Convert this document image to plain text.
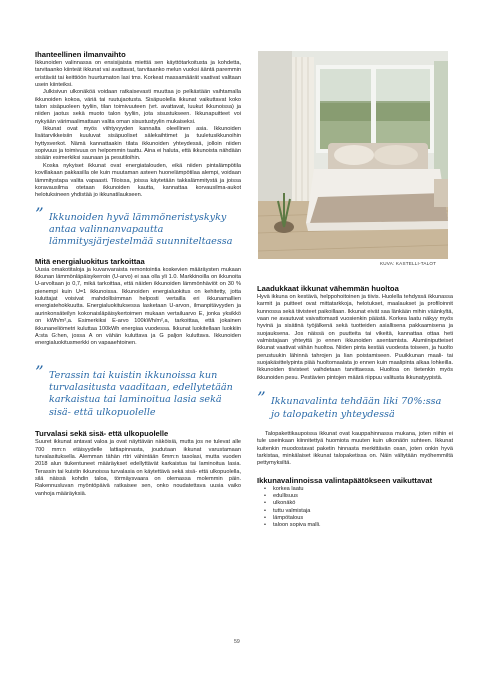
Ihanteellinen ilmanvaihto

Ikkunoiden valinnassa on ensisijaista miettiä sen käyttötarkoitusta ja kohdetta, tarvitaanko kiinteät ikkunat vai avattavat, tarvitaanko melun vuoksi ääntä paremmin eristävät tai keittiöön huurtumaton lasi tms. Korkeat massamäärät vaativat valitaan usein kiinteiksi.

Julkisivun ulkonäköä voidaan ratkaisevasti muuttaa jo pelkästään vaihtamalla ikkunoiden kokoa, väriä tai ruutujaotusta. Sisäpuolella ikkunat vaikuttavat koko talon sisäpuoleen tyyliin, tilan toimivuuteen (vrt. avattavat, luukut ikkunoissa) ja niiden jaotus sekä muoto talon tyyliin, jota sisustukseen. Ikkunapuitteet voi nykyään värimaalimattaan valita oman sisustustyylin mukaiseksi.

Ikkunat ovat myös viihtyvyyden kannalta oleellinen asia. Ikkunoiden lisätarvikkeisiin kuuluvat sisäpuoliset sälekaihtimet ja tuuletusikkunoihin hyttysverkot. Nämä kannattaakin tilata ikkunoiden yhteydessä, jolloin niiden sopivuus ja toimivuus on helpommin taattu. Aina ei haluta, että ikkunoista nähdään sisään esimerkiksi saunaan ja pesutiloihin.

Koska nykyiset ikkunat ovat energiatalouden, eikä niiden pintalämpötila kovillakaan pakkasilla ole kuin muutaman asteen huonelämpötilaa alempi, voidaan lämmitystapa valita vapaasti. Tiloissa, joissa käytetään takkalämmitystä ja joissa koravausilma otetaan ikkunoiden kautta, kannattaa korvausilma-aukot helotuksineen yhdistää jo ikkunatilaukseen.

” Ikkunoiden hyvä lämmöneristyskyky antaa valinnanvapautta lämmitysjärjestelmää suunniteltaessa
Mitä energialuokitus tarkoittaa

Uusia omakotitaloja ja kuvanvaraista remontointia koskevien määräysten mukaan ikkunan lämmönläpäisykerroin (U-arvo) ei saa olla yli 1.0. Markkinoilla on ikkunoita U-arvoltaan jo 0,7, mikä tarkoittaa, että näiden ikkunoiden lämmönhäviöt on 30 % pienempi kuin U=1 ikkunoissa. Ikkunoiden energialuokitus on kehitetty, jotta kuluttajat voisivat mahdollisimman helposti vertailla eri ikkunamallien energiatehokkuutta. Energialuokituksessa lasketaan U-arvon, ilmanpitävyyden ja aurinkonsäteilyn kokonaisläpäisykertoimen mukaan vertailuarvo E, jonka yksikkö on kWh/m²,a. Esimerkiksi E-arvo 100kWh/m²,a, tarkoittaa, että jokainen ikkunaneliömetri kuluttaa 100kWh energiaa vuodessa. Ikkunat luokitellaan luokkiin A:sta G:hen, jossa A on vähän kuluttava ja G paljon kuluttava. Ikkunoiden energialuokitusmerkki on vapaaehtoinen.

” Terassin tai kuistin ikkunoissa kun turvalasitusta vaaditaan, edellytetään karkaistua tai laminoitua lasia sekä sisä- että ulkopuolelle
Turvalasi sekä sisä- että ulkopuolelle

Suuret ikkunat antavat valoa ja ovat näyttävän näköisiä, mutta jos ne tulevat alle 700 mm:n etäisyydelle lattiapinnasta, joudutaan ikkunat varustamaan turvalasituksella. Alemman tähän rttri vähintään 6mm:n tasolasi, mutta vuoden 2018 alun tiukentuneet määräykset edellyttävät karkaistua tai laminoitua lasia. Terassin tai kuistin ikkunoissa turvalasia on käytettävä sekä sisä- että ulkopuolella, silä näissä kohdin taloa, törmäysvaara on olemassa molemmin päin. Rakennusluvan myöntöpäivä ratkaisee sen, onko noudatettava uusia vaiko vanhoja määräyksiä.

KUVA: KASTELLI-TALOT
Laadukkaat ikkunat vähemmän huoltoa

Hyvä ikkuna on kestävä, helppohoitoinen ja tiivis. Huolella tehdyssä ikkunassa karmit ja puitteet ovat mittatarkkoja, helotukset, maalaukset ja profiloinnit kunnossa sekä tiivisteet paikoillaan. Ikkunat eivät saa länkään mihin väänkyltä, vaan ne avautuvat vaivattomasti vuosienkin päästä. Korkea laatu näkyy myös hyvinä ja sisätinä työjälkenä sekä tuotteiden asiallisena pakkaamisena ja suojauksena. Jos näissä on puutteita tai vikeitä, kannattaa ottaa heti valmistajaan yhteyttä jo ennen ikkunoiden asentamista. Alumiiniputteiset ikkunat vaativat vähän huoltoa. Niiden pinta kestää vuodesta toiseen, ja huolto perustuukin lähinnä tahrojen ja lian poistamiseen. Puuikkunan maali- tai suojakäsittelypinta piää huoltomaalata jo ennen kuin maalipinta alkaa lohkeilla. Ikkunoiden tiivisteet vaihdetaan tarvittaessa. Huoltoa on tietenkin myös ikkunoiden pesu. Pestävien pintojen määrä riippuu valitusta ikkunatyypistä.

” Ikkunavalinta tehdään liki 70%:ssa jo talopaketin yhteydessä

Talopakettikaupoissa ikkunat ovat kauppahinnassa mukana, joten niihin ei tule useinkaan kiinnitettyä huomiota muuten kuin ulkonäön suhteen. Ikkunat kuitenkin muodostavat paketin hinnasta merkittävän osan, joten onkin hyvä tarkistaa, minkälaiset ikkunat talopaketissa on. Näin vältytään myöhemmiltä pettymyksiltä.

Ikkunavalinnoissa valintapäätökseen vaikuttavat
• korkea laatu
• edullisuus
• ulkonäkö
• tuttu valmistaja
• lämpötalous
• taloon sopiva malli.
59
